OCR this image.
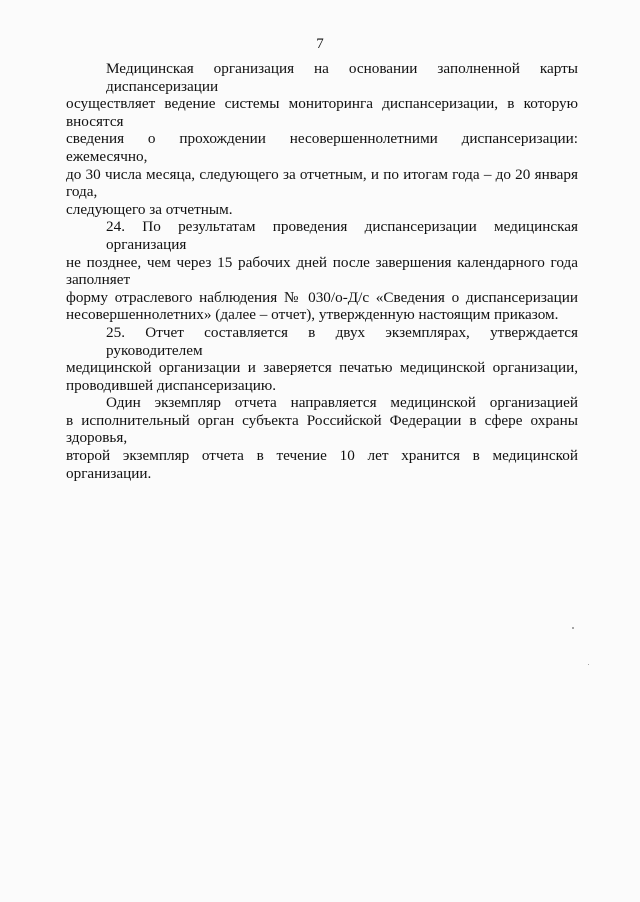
7

Медицинская организация на основании заполненной карты диспансеризации
осуществляет ведение системы мониторинга диспансеризации, в которую вносятся
сведения о прохождении несовершеннолетними диспансеризации: ежемесячно,
до 30 числа месяца, следующего за отчетным, и по итогам года – до 20 января года,
следующего за отчетным.

24. По результатам проведения диспансеризации медицинская организация
не позднее, чем через 15 рабочих дней после завершения календарного года заполняет
форму отраслевого наблюдения № 030/о-Д/с «Сведения о диспансеризации
несовершеннолетних» (далее – отчет), утвержденную настоящим приказом.

25. Отчет составляется в двух экземплярах, утверждается руководителем
медицинской организации и заверяется печатью медицинской организации,
проводившей диспансеризацию.

Один экземпляр отчета направляется медицинской организацией
в исполнительный орган субъекта Российской Федерации в сфере охраны здоровья,
второй экземпляр отчета в течение 10 лет хранится в медицинской организации.
